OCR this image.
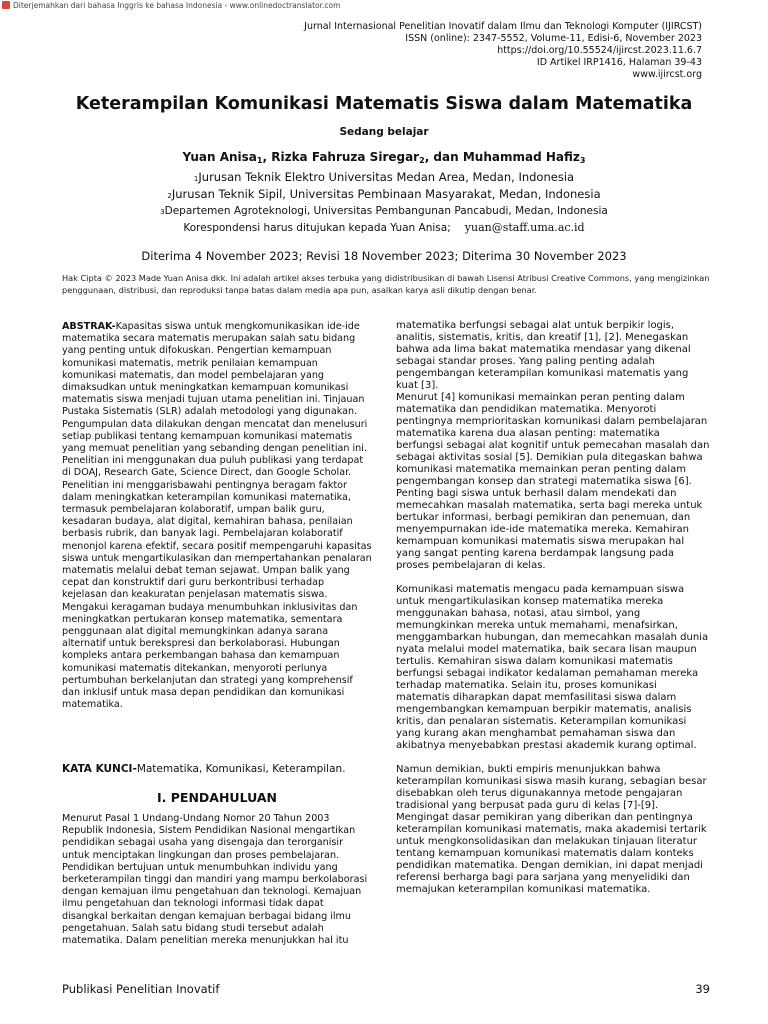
Diterjemahkan dari bahasa Inggris ke bahasa Indonesia - www.onlinedoctranslator.com
Jurnal Internasional Penelitian Inovatif dalam Ilmu dan Teknologi Komputer (IJIRCST)
ISSN (online): 2347-5552, Volume-11, Edisi-6, November 2023
https://doi.org/10.55524/ijircst.2023.11.6.7
ID Artikel IRP1416, Halaman 39-43
www.ijircst.org
Keterampilan Komunikasi Matematis Siswa dalam Matematika
Sedang belajar
Yuan Anisa$_1$, Rizka Fahruza Siregar$_2$, dan Muhammad Hafiz$_3$
1Jurusan Teknik Elektro Universitas Medan Area, Medan, Indonesia
2Jurusan Teknik Sipil, Universitas Pembinaan Masyarakat, Medan, Indonesia
3Departemen Agroteknologi, Universitas Pembangunan Pancabudi, Medan, Indonesia
Korespondensi harus ditujukan kepada Yuan Anisa; yuan@staff.uma.ac.id
Diterima 4 November 2023; Revisi 18 November 2023; Diterima 30 November 2023
Hak Cipta © 2023 Made Yuan Anisa dkk. Ini adalah artikel akses terbuka yang didistribusikan di bawah Lisensi Atribusi Creative Commons, yang mengizinkan penggunaan, distribusi, dan reproduksi tanpa batas dalam media apa pun, asalkan karya asli dikutip dengan benar.

ABSTRAK-Kapasitas siswa untuk mengkomunikasikan ide-ide matematika secara matematis merupakan salah satu bidang yang penting untuk difokuskan. Pengertian kemampuan komunikasi matematis, metrik penilaian kemampuan komunikasi matematis, dan model pembelajaran yang dimaksudkan untuk meningkatkan kemampuan komunikasi matematis siswa menjadi tujuan utama penelitian ini. Tinjauan Pustaka Sistematis (SLR) adalah metodologi yang digunakan. Pengumpulan data dilakukan dengan mencatat dan menelusuri setiap publikasi tentang kemampuan komunikasi matematis yang memuat penelitian yang sebanding dengan penelitian ini. Penelitian ini menggunakan dua puluh publikasi yang terdapat di DOAJ, Research Gate, Science Direct, dan Google Scholar. Penelitian ini menggarisbawahi pentingnya beragam faktor dalam meningkatkan keterampilan komunikasi matematika, termasuk pembelajaran kolaboratif, umpan balik guru, kesadaran budaya, alat digital, kemahiran bahasa, penilaian berbasis rubrik, dan banyak lagi. Pembelajaran kolaboratif menonjol karena efektif, secara positif mempengaruhi kapasitas siswa untuk mengartikulasikan dan mempertahankan penalaran matematis melalui debat teman sejawat. Umpan balik yang cepat dan konstruktif dari guru berkontribusi terhadap kejelasan dan keakuratan penjelasan matematis siswa. Mengakui keragaman budaya menumbuhkan inklusivitas dan meningkatkan pertukaran konsep matematika, sementara penggunaan alat digital memungkinkan adanya sarana alternatif untuk berekspresi dan berkolaborasi. Hubungan kompleks antara perkembangan bahasa dan kemampuan komunikasi matematis ditekankan, menyoroti perlunya pertumbuhan berkelanjutan dan strategi yang komprehensif dan inklusif untuk masa depan pendidikan dan komunikasi matematika.

KATA KUNCI-Matematika, Komunikasi, Keterampilan.
I. PENDAHULUAN
Menurut Pasal 1 Undang-Undang Nomor 20 Tahun 2003 Republik Indonesia, Sistem Pendidikan Nasional mengartikan pendidikan sebagai usaha yang disengaja dan terorganisir untuk menciptakan lingkungan dan proses pembelajaran. Pendidikan bertujuan untuk menumbuhkan individu yang berketerampilan tinggi dan mandiri yang mampu berkolaborasi dengan kemajuan ilmu pengetahuan dan teknologi. Kemajuan ilmu pengetahuan dan teknologi informasi tidak dapat disangkal berkaitan dengan kemajuan berbagai bidang ilmu pengetahuan. Salah satu bidang studi tersebut adalah matematika. Dalam penelitian mereka menunjukkan hal itu

matematika berfungsi sebagai alat untuk berpikir logis, analitis, sistematis, kritis, dan kreatif [1], [2]. Menegaskan bahwa ada lima bakat matematika mendasar yang dikenal sebagai standar proses. Yang paling penting adalah pengembangan keterampilan komunikasi matematis yang kuat [3].

Menurut [4] komunikasi memainkan peran penting dalam matematika dan pendidikan matematika. Menyoroti pentingnya memprioritaskan komunikasi dalam pembelajaran matematika karena dua alasan penting: matematika berfungsi sebagai alat kognitif untuk pemecahan masalah dan sebagai aktivitas sosial [5]. Demikian pula ditegaskan bahwa komunikasi matematika memainkan peran penting dalam pengembangan konsep dan strategi matematika siswa [6]. Penting bagi siswa untuk berhasil dalam mendekati dan memecahkan masalah matematika, serta bagi mereka untuk bertukar informasi, berbagi pemikiran dan penemuan, dan menyempurnakan ide-ide matematika mereka. Kemahiran kemampuan komunikasi matematis siswa merupakan hal yang sangat penting karena berdampak langsung pada proses pembelajaran di kelas.

Komunikasi matematis mengacu pada kemampuan siswa untuk mengartikulasikan konsep matematika mereka menggunakan bahasa, notasi, atau simbol, yang memungkinkan mereka untuk memahami, menafsirkan, menggambarkan hubungan, dan memecahkan masalah dunia nyata melalui model matematika, baik secara lisan maupun tertulis. Kemahiran siswa dalam komunikasi matematis berfungsi sebagai indikator kedalaman pemahaman mereka terhadap matematika. Selain itu, proses komunikasi matematis diharapkan dapat memfasilitasi siswa dalam mengembangkan kemampuan berpikir matematis, analisis kritis, dan penalaran sistematis. Keterampilan komunikasi yang kurang akan menghambat pemahaman siswa dan akibatnya menyebabkan prestasi akademik kurang optimal.

Namun demikian, bukti empiris menunjukkan bahwa keterampilan komunikasi siswa masih kurang, sebagian besar disebabkan oleh terus digunakannya metode pengajaran tradisional yang berpusat pada guru di kelas [7]-[9]. Mengingat dasar pemikiran yang diberikan dan pentingnya keterampilan komunikasi matematis, maka akademisi tertarik untuk mengkonsolidasikan dan melakukan tinjauan literatur tentang kemampuan komunikasi matematis dalam konteks pendidikan matematika. Dengan demikian, ini dapat menjadi referensi berharga bagi para sarjana yang menyelidiki dan memajukan keterampilan komunikasi matematika.

Publikasi Penelitian Inovatif	39
